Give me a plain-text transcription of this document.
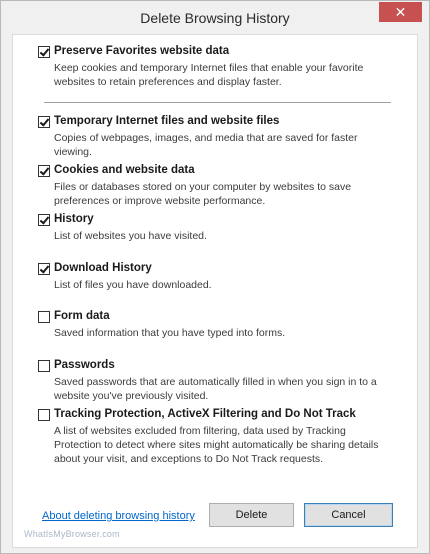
Delete Browsing History	✕
Preserve Favorites website data
Keep cookies and temporary Internet files that enable your favorite websites to retain preferences and display faster.
Temporary Internet files and website files
Copies of webpages, images, and media that are saved for faster viewing.
Cookies and website data
Files or databases stored on your computer by websites to save preferences or improve website performance.
History
List of websites you have visited.
Download History
List of files you have downloaded.
Form data
Saved information that you have typed into forms.
Passwords
Saved passwords that are automatically filled in when you sign in to a website you've previously visited.
Tracking Protection, ActiveX Filtering and Do Not Track
A list of websites excluded from filtering, data used by Tracking Protection to detect where sites might automatically be sharing details about your visit, and exceptions to Do Not Track requests.
About deleting browsing history	Delete	Cancel
WhatIsMyBrowser.com
